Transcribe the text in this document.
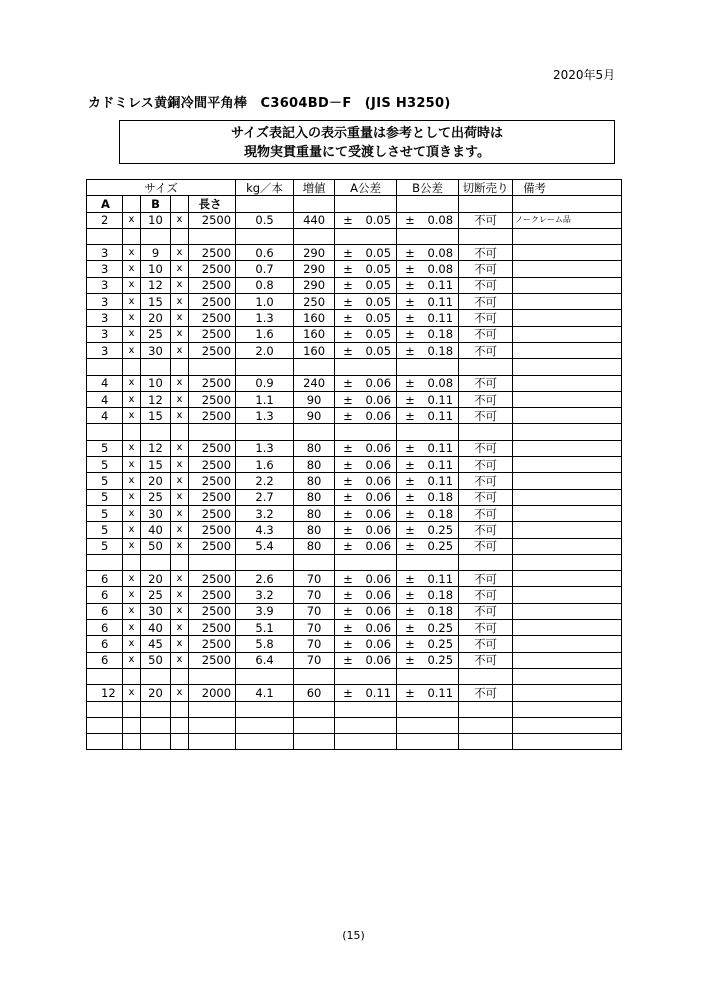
2020年5月
カドミレス黄銅冷間平角棒　C3604BD－F　(JIS H3250)
サイズ表記入の表示重量は参考として出荷時は
現物実貫重量にて受渡しさせて頂きます。
サイズ					kg／本	増値	A公差	B公差	切断売り	備考
A		B		長さ						
2	x	10	x	2500	0.5	440	± 0.05	± 0.08	不可	ノークレーム品

3	x	9	x	2500	0.6	290	± 0.05	± 0.08	不可	
3	x	10	x	2500	0.7	290	± 0.05	± 0.08	不可	
3	x	12	x	2500	0.8	290	± 0.05	± 0.11	不可	
3	x	15	x	2500	1.0	250	± 0.05	± 0.11	不可	
3	x	20	x	2500	1.3	160	± 0.05	± 0.11	不可	
3	x	25	x	2500	1.6	160	± 0.05	± 0.18	不可	
3	x	30	x	2500	2.0	160	± 0.05	± 0.18	不可	

4	x	10	x	2500	0.9	240	± 0.06	± 0.08	不可	
4	x	12	x	2500	1.1	90	± 0.06	± 0.11	不可	
4	x	15	x	2500	1.3	90	± 0.06	± 0.11	不可	

5	x	12	x	2500	1.3	80	± 0.06	± 0.11	不可	
5	x	15	x	2500	1.6	80	± 0.06	± 0.11	不可	
5	x	20	x	2500	2.2	80	± 0.06	± 0.11	不可	
5	x	25	x	2500	2.7	80	± 0.06	± 0.18	不可	
5	x	30	x	2500	3.2	80	± 0.06	± 0.18	不可	
5	x	40	x	2500	4.3	80	± 0.06	± 0.25	不可	
5	x	50	x	2500	5.4	80	± 0.06	± 0.25	不可	

6	x	20	x	2500	2.6	70	± 0.06	± 0.11	不可	
6	x	25	x	2500	3.2	70	± 0.06	± 0.18	不可	
6	x	30	x	2500	3.9	70	± 0.06	± 0.18	不可	
6	x	40	x	2500	5.1	70	± 0.06	± 0.25	不可	
6	x	45	x	2500	5.8	70	± 0.06	± 0.25	不可	
6	x	50	x	2500	6.4	70	± 0.06	± 0.25	不可	

12	x	20	x	2000	4.1	60	± 0.11	± 0.11	不可	

(15)
